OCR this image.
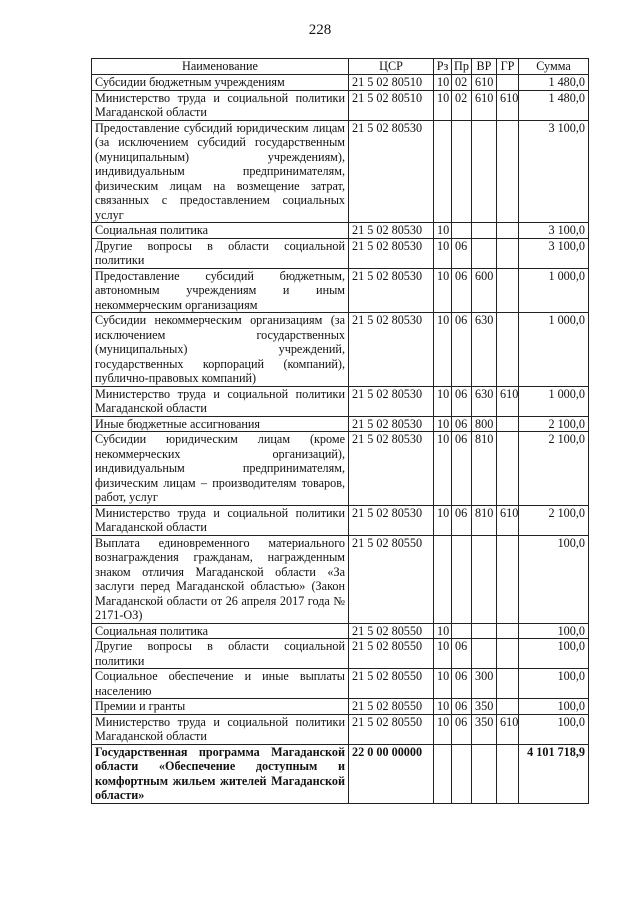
228
Наименование	ЦСР	Рз	Пр	ВР	ГР	Сумма
Субсидии бюджетным учреждениям	21 5 02 80510	10	02	610		1 480,0
Министерство труда и социальной политики Магаданской области	21 5 02 80510	10	02	610	610	1 480,0
Предоставление субсидий юридическим лицам (за исключением субсидий государственным (муниципальным) учреждениям), индивидуальным предпринимателям, физическим лицам на возмещение затрат, связанных с предоставлением социальных услуг	21 5 02 80530					3 100,0
Социальная политика	21 5 02 80530	10				3 100,0
Другие вопросы в области социальной политики	21 5 02 80530	10	06			3 100,0
Предоставление субсидий бюджетным, автономным учреждениям и иным некоммерческим организациям	21 5 02 80530	10	06	600		1 000,0
Субсидии некоммерческим организациям (за исключением государственных (муниципальных) учреждений, государственных корпораций (компаний), публично-правовых компаний)	21 5 02 80530	10	06	630		1 000,0
Министерство труда и социальной политики Магаданской области	21 5 02 80530	10	06	630	610	1 000,0
Иные бюджетные ассигнования	21 5 02 80530	10	06	800		2 100,0
Субсидии юридическим лицам (кроме некоммерческих организаций), индивидуальным предпринимателям, физическим лицам – производителям товаров, работ, услуг	21 5 02 80530	10	06	810		2 100,0
Министерство труда и социальной политики Магаданской области	21 5 02 80530	10	06	810	610	2 100,0
Выплата единовременного материального вознаграждения гражданам, награжденным знаком отличия Магаданской области «За заслуги перед Магаданской областью» (Закон Магаданской области от 26 апреля 2017 года № 2171-ОЗ)	21 5 02 80550					100,0
Социальная политика	21 5 02 80550	10				100,0
Другие вопросы в области социальной политики	21 5 02 80550	10	06			100,0
Социальное обеспечение и иные выплаты населению	21 5 02 80550	10	06	300		100,0
Премии и гранты	21 5 02 80550	10	06	350		100,0
Министерство труда и социальной политики Магаданской области	21 5 02 80550	10	06	350	610	100,0
Государственная программа Магаданской области «Обеспечение доступным и комфортным жильем жителей Магаданской области»	22 0 00 00000					4 101 718,9
